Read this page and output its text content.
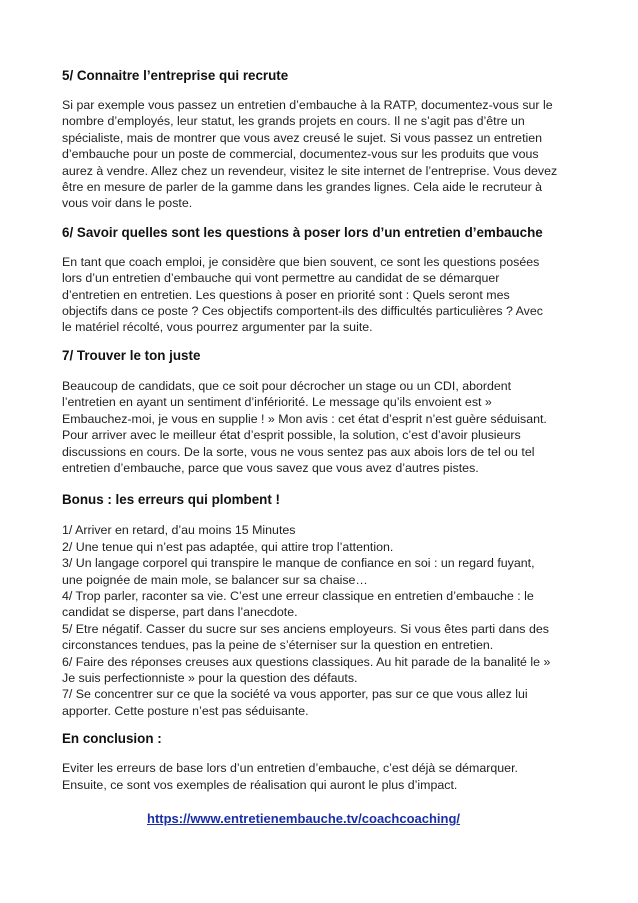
5/ Connaitre l’entreprise qui recrute

Si par exemple vous passez un entretien d’embauche à la RATP, documentez-vous sur le
nombre d’employés, leur statut, les grands projets en cours. Il ne s’agit pas d’être un
spécialiste, mais de montrer que vous avez creusé le sujet. Si vous passez un entretien
d’embauche pour un poste de commercial, documentez-vous sur les produits que vous
aurez à vendre. Allez chez un revendeur, visitez le site internet de l’entreprise. Vous devez
être en mesure de parler de la gamme dans les grandes lignes. Cela aide le recruteur à
vous voir dans le poste.

6/ Savoir quelles sont les questions à poser lors d’un entretien d’embauche

En tant que coach emploi, je considère que bien souvent, ce sont les questions posées
lors d’un entretien d’embauche qui vont permettre au candidat de se démarquer
d’entretien en entretien. Les questions à poser en priorité sont : Quels seront mes
objectifs dans ce poste ? Ces objectifs comportent-ils des difficultés particulières ? Avec
le matériel récolté, vous pourrez argumenter par la suite.

7/ Trouver le ton juste

Beaucoup de candidats, que ce soit pour décrocher un stage ou un CDI, abordent
l’entretien en ayant un sentiment d’infériorité. Le message qu’ils envoient est »
Embauchez-moi, je vous en supplie ! » Mon avis : cet état d’esprit n’est guère séduisant.
Pour arriver avec le meilleur état d’esprit possible, la solution, c’est d’avoir plusieurs
discussions en cours. De la sorte, vous ne vous sentez pas aux abois lors de tel ou tel
entretien d’embauche, parce que vous savez que vous avez d’autres pistes.

Bonus : les erreurs qui plombent !

1/ Arriver en retard, d’au moins 15 Minutes
2/ Une tenue qui n’est pas adaptée, qui attire trop l’attention.
3/ Un langage corporel qui transpire le manque de confiance en soi : un regard fuyant,
une poignée de main mole, se balancer sur sa chaise…
4/ Trop parler, raconter sa vie. C’est une erreur classique en entretien d’embauche : le
candidat se disperse, part dans l’anecdote.
5/ Etre négatif. Casser du sucre sur ses anciens employeurs. Si vous êtes parti dans des
circonstances tendues, pas la peine de s’éterniser sur la question en entretien.
6/ Faire des réponses creuses aux questions classiques. Au hit parade de la banalité le »
Je suis perfectionniste » pour la question des défauts.
7/ Se concentrer sur ce que la société va vous apporter, pas sur ce que vous allez lui
apporter. Cette posture n’est pas séduisante.

En conclusion :

Eviter les erreurs de base lors d’un entretien d’embauche, c’est déjà se démarquer.
Ensuite, ce sont vos exemples de réalisation qui auront le plus d’impact.

https://www.entretienembauche.tv/coachcoaching/
